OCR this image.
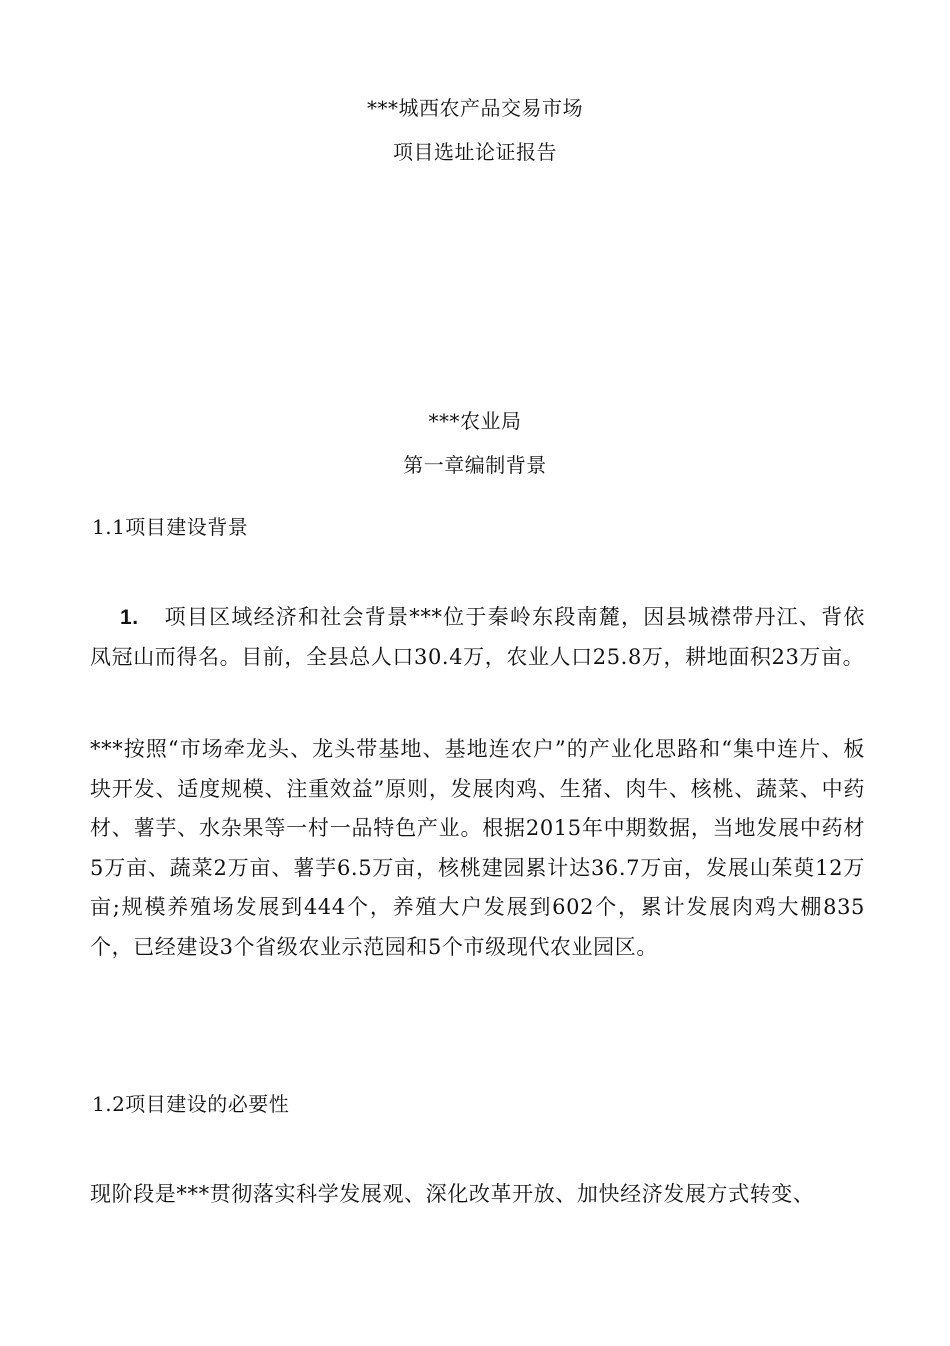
***城西农产品交易市场
项目选址论证报告
***农业局
第一章编制背景
1.1项目建设背景
1. 项目区域经济和社会背景***位于秦岭东段南麓，因县城襟带丹江、背依凤冠山而得名。目前，全县总人口30.4万，农业人口25.8万，耕地面积23万亩。
***按照“市场牵龙头、龙头带基地、基地连农户”的产业化思路和“集中连片、板块开发、适度规模、注重效益”原则，发展肉鸡、生猪、肉牛、核桃、蔬菜、中药材、薯芋、水杂果等一村一品特色产业。根据2015年中期数据，当地发展中药材5万亩、蔬菜2万亩、薯芋6.5万亩，核桃建园累计达36.7万亩，发展山茱萸12万亩;规模养殖场发展到444个，养殖大户发展到602个，累计发展肉鸡大棚835个，已经建设3个省级农业示范园和5个市级现代农业园区。
1.2项目建设的必要性
现阶段是***贯彻落实科学发展观、深化改革开放、加快经济发展方式转变、
